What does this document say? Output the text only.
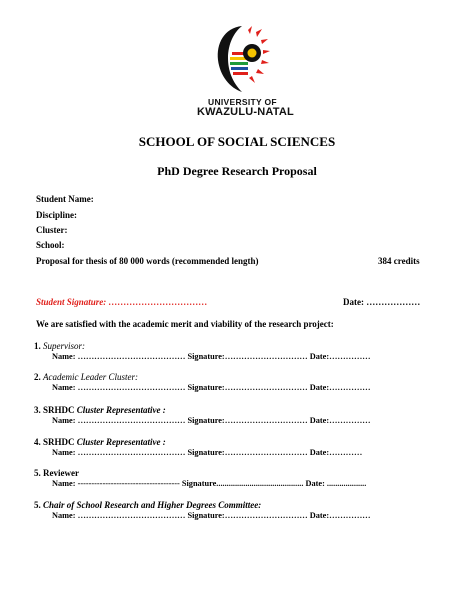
UNIVERSITY OF
KWAZULU-NATAL
SCHOOL OF SOCIAL SCIENCES
PhD Degree Research Proposal
Student Name:
Discipline:
Cluster:
School:
Proposal for thesis of 80 000 words (recommended length)	384 credits
Student Signature: ……………………………	Date: ………………
We are satisfied with the academic merit and viability of the research project:
1. Supervisor:
Name: ………………………………… Signature:………………………… Date:……………
2. Academic Leader Cluster:
Name: ………………………………… Signature:………………………… Date:……………
3. SRHDC Cluster Representative :
Name: ………………………………… Signature:………………………… Date:……………
4. SRHDC Cluster Representative :
Name: ………………………………… Signature:………………………… Date:…………
5. Reviewer
Name: ------------------------------------- Signature.......................................... Date: ...................
5. Chair of School Research and Higher Degrees Committee:
Name: ………………………………… Signature:………………………… Date:……………
